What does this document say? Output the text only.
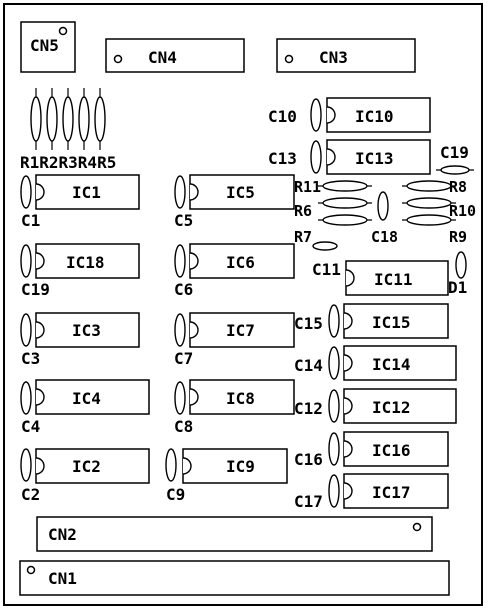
CN5
CN4	CN3
R1R2R3R4R5
IC1
C1
IC18
C19
IC3
C3
IC4
C4
IC2
C2
IC5
C5
IC6
C6
IC7
C7
IC8
C8
IC9
C9
IC10
C10
IC13
C13	C19
R11	R8
R6	R10
R7	C18	R9
IC11
C11
D1
IC15
C15
IC14
C14
IC12
C12
IC16
C16
IC17
C17
CN2
CN1
